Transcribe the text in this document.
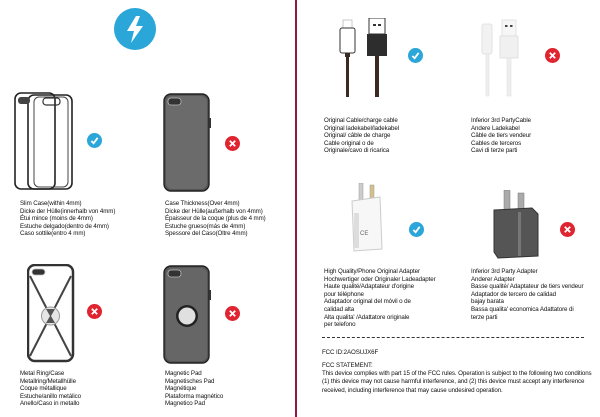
Slim Case(within 4mm)
Dicke der Hülle(innerhalb von 4mm)
Étui mince (moins de 4mm)
Estuche delgado(dentro de 4mm)
Caso sottile(entro 4 mm)
Case Thickness(Over 4mm)
Dicke der Hülle(außerhalb von 4mm)
Épaisseur de la coque (plus de 4 mm)
Estuche grueso(más de 4mm)
Spessore del Caso(Oltre 4mm)
Metal Ring/Case
Metallring/Metallhülle
Coque métallique
Estuche/anillo metálico
Anello/Caso in metallo
Magnetic Pad
Magnetisches Pad
Magnétique
Plataforma magnético
Magnetico Pad
Original Cable/charge cable
Original ladekabel/ladekabel
Original/ câble de charge
Cable original o de
Originale/cavo di ricarica
Inferior 3rd PartyCable
Andere Ladekabel
Câble de tiers vendeur
Cables de terceros
Cavi di terze parti
CE
High Quality/Phone Original Adapter
Hochwertiger oder Originaler Ladeadapter
Haute qualité/Adaptateur d'origine
pour téléphone
Adaptador original del móvil o de
calidad alta
Alta qualita' /Adattatore originale
per telefono
Inferior 3rd Party Adapter
Anderer Adapter
Basse qualité/ Adaptateur de tiers vendeur
Adaptador de tercero de calidad
bajay barata
Bassa qualita' economica Adattatore di
terze parti
FCC ID:2AOSUJX6F
FCC STATEMENT:
This device complies with part 15 of the FCC rules. Operation is subject to the following two conditions
(1) this device may not cause harmful interference, and (2) this device must accept any interference
received, including interference that may cause undesired operation.
